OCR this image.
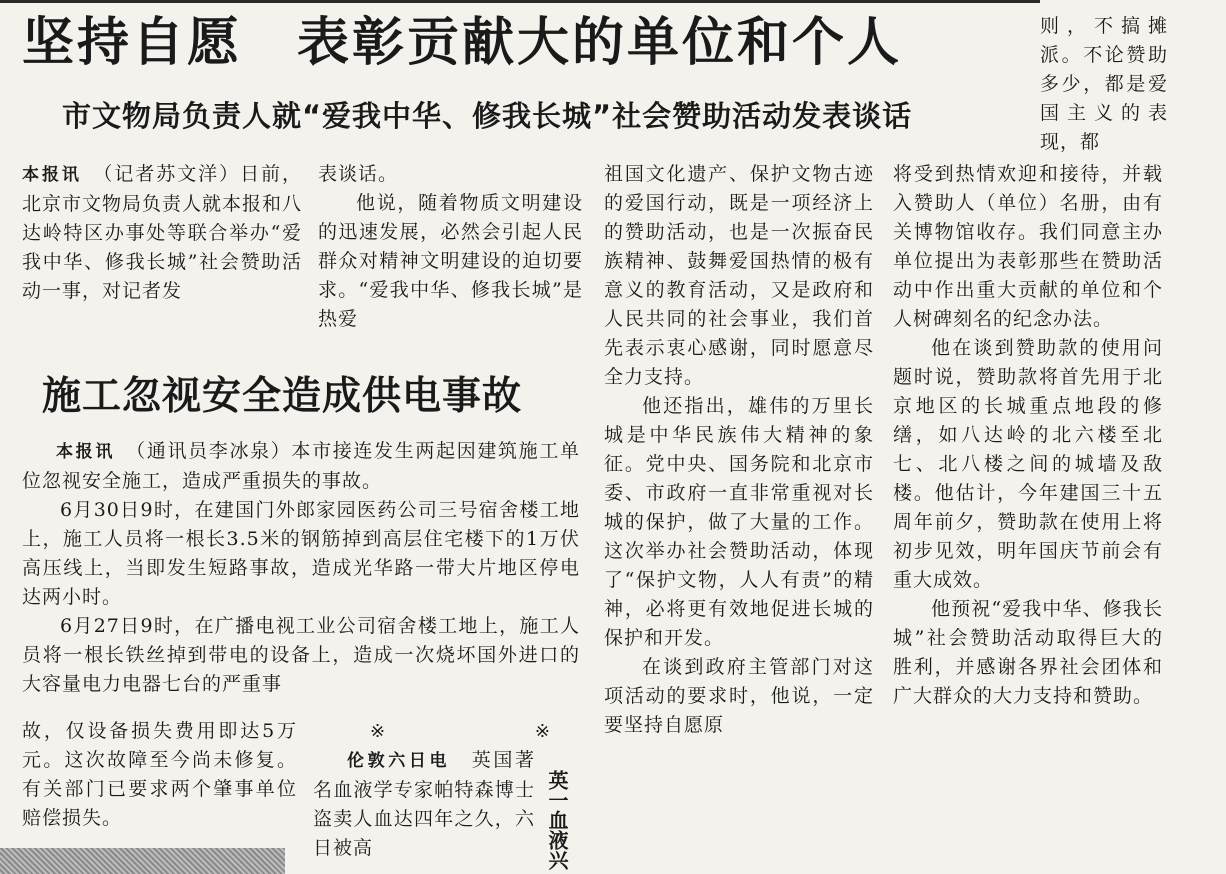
坚持自愿　表彰贡献大的单位和个人
市文物局负责人就“爱我中华、修我长城”社会赞助活动发表谈话
则，不搞摊派。不论赞助多少，都是爱国主义的表现，都

本报讯　 （记者苏文洋）日前，北京市文物局负责人就本报和八达岭特区办事处等联合举办“爱我中华、修我长城”社会赞助活动一事，对记者发

表谈话。

他说，随着物质文明建设的迅速发展，必然会引起人民群众对精神文明建设的迫切要求。“爱我中华、修我长城”是热爱

祖国文化遗产、保护文物古迹的爱国行动，既是一项经济上的赞助活动，也是一次振奋民族精神、鼓舞爱国热情的极有意义的教育活动，又是政府和人民共同的社会事业，我们首先表示衷心感谢，同时愿意尽全力支持。

他还指出，雄伟的万里长城是中华民族伟大精神的象征。党中央、国务院和北京市委、市政府一直非常重视对长城的保护，做了大量的工作。这次举办社会赞助活动，体现了“保护文物，人人有责”的精神，必将更有效地促进长城的保护和开发。

在谈到政府主管部门对这项活动的要求时，他说，一定要坚持自愿原

将受到热情欢迎和接待，并载入赞助人（单位）名册，由有关博物馆收存。我们同意主办单位提出为表彰那些在赞助活动中作出重大贡献的单位和个人树碑刻名的纪念办法。

他在谈到赞助款的使用问题时说，赞助款将首先用于北京地区的长城重点地段的修缮，如八达岭的北六楼至北七、北八楼之间的城墙及敌楼。他估计，今年建国三十五周年前夕，赞助款在使用上将初步见效，明年国庆节前会有重大成效。

他预祝“爱我中华、修我长城”社会赞助活动取得巨大的胜利，并感谢各界社会团体和广大群众的大力支持和赞助。

施工忽视安全造成供电事故

本报讯　 （通讯员李冰泉）本市接连发生两起因建筑施工单位忽视安全施工，造成严重损失的事故。

6月30日9时，在建国门外郎家园医药公司三号宿舍楼工地上，施工人员将一根长3.5米的钢筋掉到高层住宅楼下的1万伏高压线上，当即发生短路事故，造成光华路一带大片地区停电达两小时。

6月27日9时，在广播电视工业公司宿舍楼工地上，施工人员将一根长铁丝掉到带电的设备上，造成一次烧坏国外进口的大容量电力电器七台的严重事

故，仅设备损失费用即达5万元。这次故障至今尚未修复。有关部门已要求两个肇事单位赔偿损失。
※	※

伦敦六日电　 英国著名血液学专家帕特森博士盗卖人血达四年之久，六日被高	英一血液兴
